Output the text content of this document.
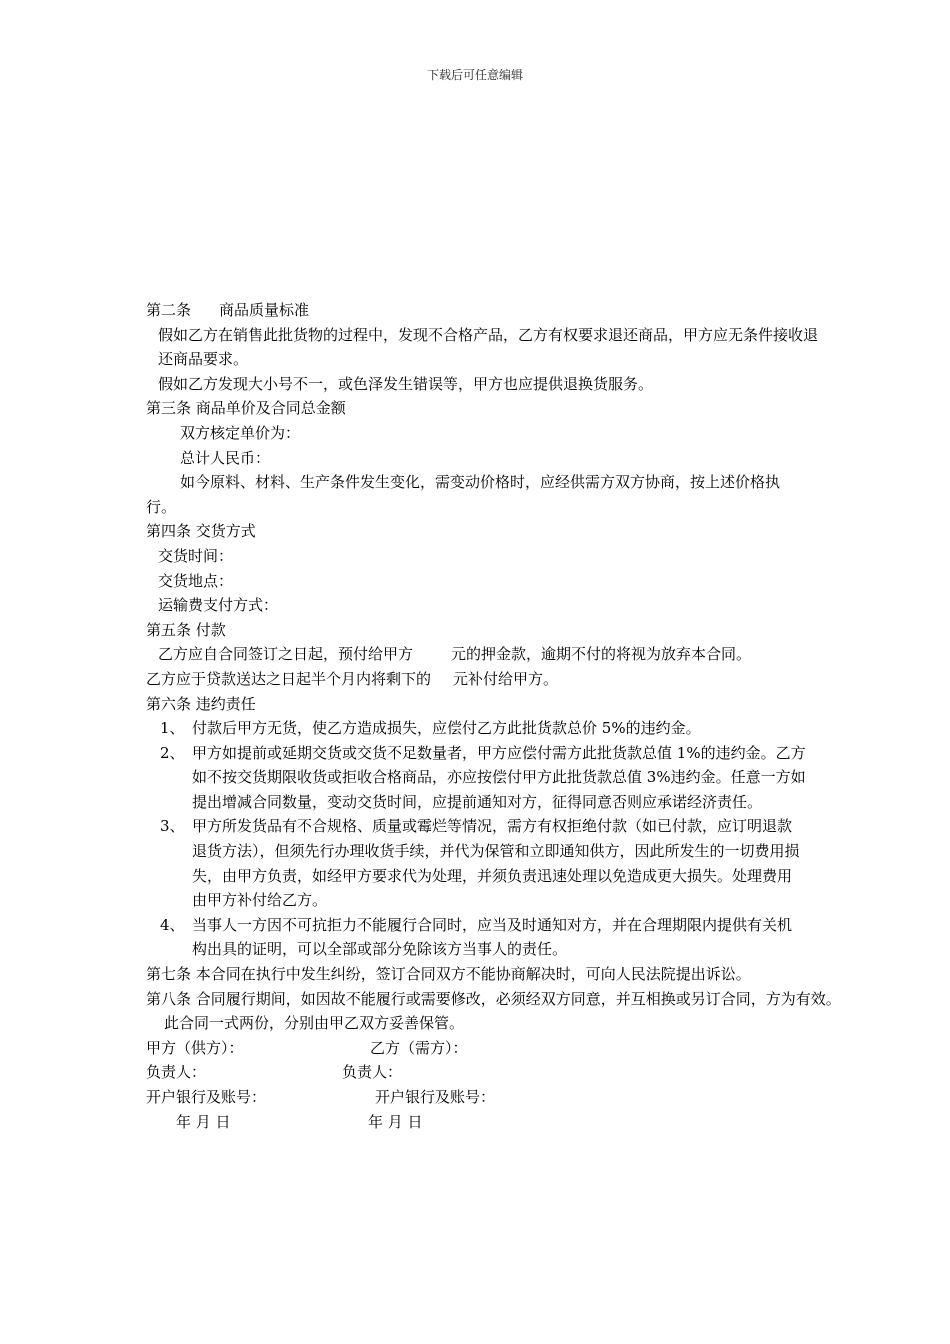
下载后可任意编辑
第二条 商品质量标准
假如乙方在销售此批货物的过程中，发现不合格产品，乙方有权要求退还商品，甲方应无条件接收退还商品要求。
假如乙方发现大小号不一，或色泽发生错误等，甲方也应提供退换货服务。
第三条 商品单价及合同总金额
双方核定单价为：
总计人民币：
如今原料、材料、生产条件发生变化，需变动价格时，应经供需方双方协商，按上述价格执行。
第四条 交货方式
交货时间：
交货地点：
运输费支付方式：
第五条 付款
乙方应自合同签订之日起，预付给甲方	元的押金款，逾期不付的将视为放弃本合同。
乙方应于贷款送达之日起半个月内将剩下的 元补付给甲方。
第六条 违约责任
1、 付款后甲方无货，使乙方造成损失，应偿付乙方此批货款总价 5%的违约金。
2、 甲方如提前或延期交货或交货不足数量者，甲方应偿付需方此批货款总值 1%的违约金。乙方如不按交货期限收货或拒收合格商品，亦应按偿付甲方此批货款总值 3%违约金。任意一方如提出增减合同数量，变动交货时间，应提前通知对方，征得同意否则应承诺经济责任。
3、 甲方所发货品有不合规格、质量或霉烂等情况，需方有权拒绝付款（如已付款，应订明退款退货方法），但须先行办理收货手续，并代为保管和立即通知供方，因此所发生的一切费用损失，由甲方负责，如经甲方要求代为处理，并须负责迅速处理以免造成更大损失。处理费用由甲方补付给乙方。
4、 当事人一方因不可抗拒力不能履行合同时，应当及时通知对方，并在合理期限内提供有关机构出具的证明，可以全部或部分免除该方当事人的责任。
第七条 本合同在执行中发生纠纷，签订合同双方不能协商解决时，可向人民法院提出诉讼。
第八条 合同履行期间，如因故不能履行或需要修改，必须经双方同意，并互相换或另订合同，方为有效。
此合同一式两份，分别由甲乙双方妥善保管。
甲方（供方）：	乙方（需方）：
负责人：	负责人：
开户银行及账号：	开户银行及账号：
年 月 日	年 月 日
